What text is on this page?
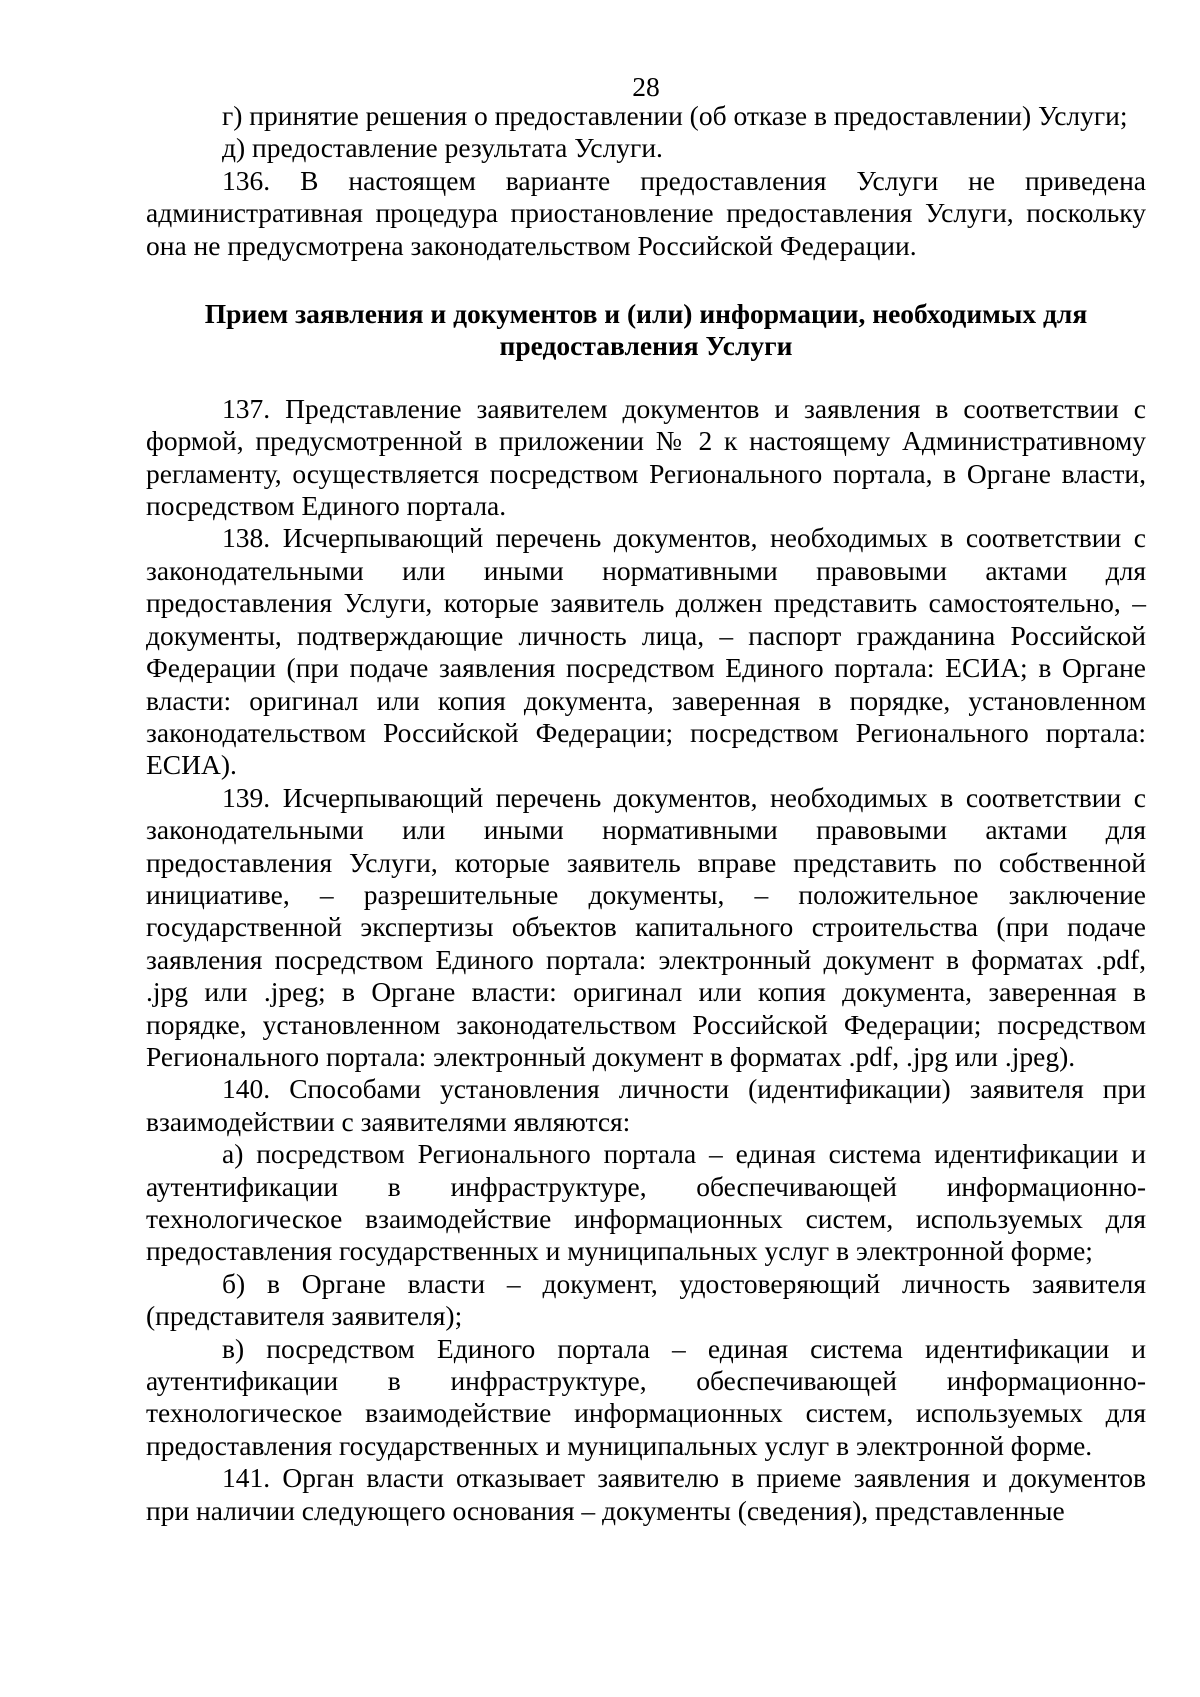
28

г) принятие решения о предоставлении (об отказе в предоставлении) Услуги;

д) предоставление результата Услуги.

136. В настоящем варианте предоставления Услуги не приведена административная процедура приостановление предоставления Услуги, поскольку она не предусмотрена законодательством Российской Федерации.

Прием заявления и документов и (или) информации, необходимых для
предоставления Услуги

137. Представление заявителем документов и заявления в соответствии с формой, предусмотренной в приложении № 2 к настоящему Административному регламенту, осуществляется посредством Регионального портала, в Органе власти, посредством Единого портала.

138. Исчерпывающий перечень документов, необходимых в соответствии с законодательными или иными нормативными правовыми актами для предоставления Услуги, которые заявитель должен представить самостоятельно, – документы, подтверждающие личность лица, – паспорт гражданина Российской Федерации (при подаче заявления посредством Единого портала: ЕСИА; в Органе власти: оригинал или копия документа, заверенная в порядке, установленном законодательством Российской Федерации; посредством Регионального портала: ЕСИА).

139. Исчерпывающий перечень документов, необходимых в соответствии с законодательными или иными нормативными правовыми актами для предоставления Услуги, которые заявитель вправе представить по собственной инициативе, – разрешительные документы, – положительное заключение государственной экспертизы объектов капитального строительства (при подаче заявления посредством Единого портала: электронный документ в форматах .pdf, .jpg или .jpeg; в Органе власти: оригинал или копия документа, заверенная в порядке, установленном законодательством Российской Федерации; посредством Регионального портала: электронный документ в форматах .pdf, .jpg или .jpeg).

140. Способами установления личности (идентификации) заявителя при взаимодействии с заявителями являются:

а) посредством Регионального портала – единая система идентификации и аутентификации в инфраструктуре, обеспечивающей информационно-технологическое взаимодействие информационных систем, используемых для предоставления государственных и муниципальных услуг в электронной форме;

б) в Органе власти – документ, удостоверяющий личность заявителя (представителя заявителя);

в) посредством Единого портала – единая система идентификации и аутентификации в инфраструктуре, обеспечивающей информационно-технологическое взаимодействие информационных систем, используемых для предоставления государственных и муниципальных услуг в электронной форме.

141. Орган власти отказывает заявителю в приеме заявления и документов при наличии следующего основания – документы (сведения), представленные
